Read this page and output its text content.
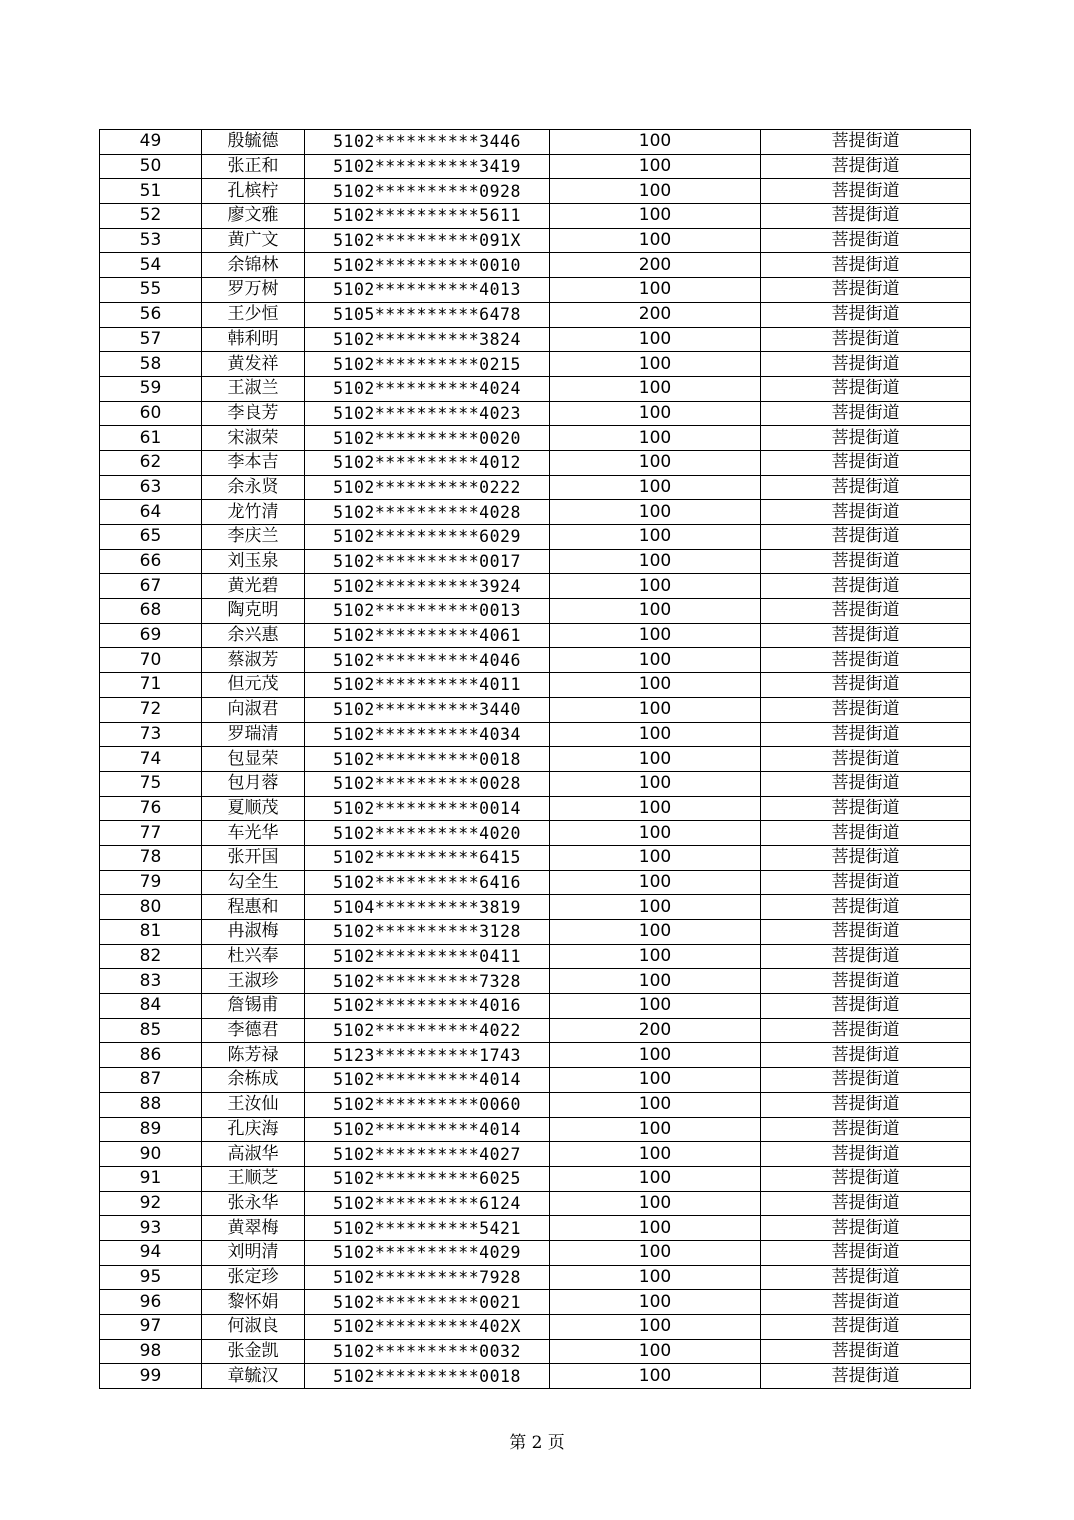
49	殷毓德	5102**********3446	100	菩提街道
50	张正和	5102**********3419	100	菩提街道
51	孔槟柠	5102**********0928	100	菩提街道
52	廖文雅	5102**********5611	100	菩提街道
53	黄广文	5102**********091X	100	菩提街道
54	余锦林	5102**********0010	200	菩提街道
55	罗万树	5102**********4013	100	菩提街道
56	王少恒	5105**********6478	200	菩提街道
57	韩利明	5102**********3824	100	菩提街道
58	黄发祥	5102**********0215	100	菩提街道
59	王淑兰	5102**********4024	100	菩提街道
60	李良芳	5102**********4023	100	菩提街道
61	宋淑荣	5102**********0020	100	菩提街道
62	李本吉	5102**********4012	100	菩提街道
63	余永贤	5102**********0222	100	菩提街道
64	龙竹清	5102**********4028	100	菩提街道
65	李庆兰	5102**********6029	100	菩提街道
66	刘玉泉	5102**********0017	100	菩提街道
67	黄光碧	5102**********3924	100	菩提街道
68	陶克明	5102**********0013	100	菩提街道
69	余兴惠	5102**********4061	100	菩提街道
70	蔡淑芳	5102**********4046	100	菩提街道
71	但元茂	5102**********4011	100	菩提街道
72	向淑君	5102**********3440	100	菩提街道
73	罗瑞清	5102**********4034	100	菩提街道
74	包显荣	5102**********0018	100	菩提街道
75	包月蓉	5102**********0028	100	菩提街道
76	夏顺茂	5102**********0014	100	菩提街道
77	车光华	5102**********4020	100	菩提街道
78	张开国	5102**********6415	100	菩提街道
79	勾全生	5102**********6416	100	菩提街道
80	程惠和	5104**********3819	100	菩提街道
81	冉淑梅	5102**********3128	100	菩提街道
82	杜兴奉	5102**********0411	100	菩提街道
83	王淑珍	5102**********7328	100	菩提街道
84	詹锡甫	5102**********4016	100	菩提街道
85	李德君	5102**********4022	200	菩提街道
86	陈芳禄	5123**********1743	100	菩提街道
87	余栋成	5102**********4014	100	菩提街道
88	王汝仙	5102**********0060	100	菩提街道
89	孔庆海	5102**********4014	100	菩提街道
90	高淑华	5102**********4027	100	菩提街道
91	王顺芝	5102**********6025	100	菩提街道
92	张永华	5102**********6124	100	菩提街道
93	黄翠梅	5102**********5421	100	菩提街道
94	刘明清	5102**********4029	100	菩提街道
95	张定珍	5102**********7928	100	菩提街道
96	黎怀娟	5102**********0021	100	菩提街道
97	何淑良	5102**********402X	100	菩提街道
98	张金凯	5102**********0032	100	菩提街道
99	章毓汉	5102**********0018	100	菩提街道
第 2 页
